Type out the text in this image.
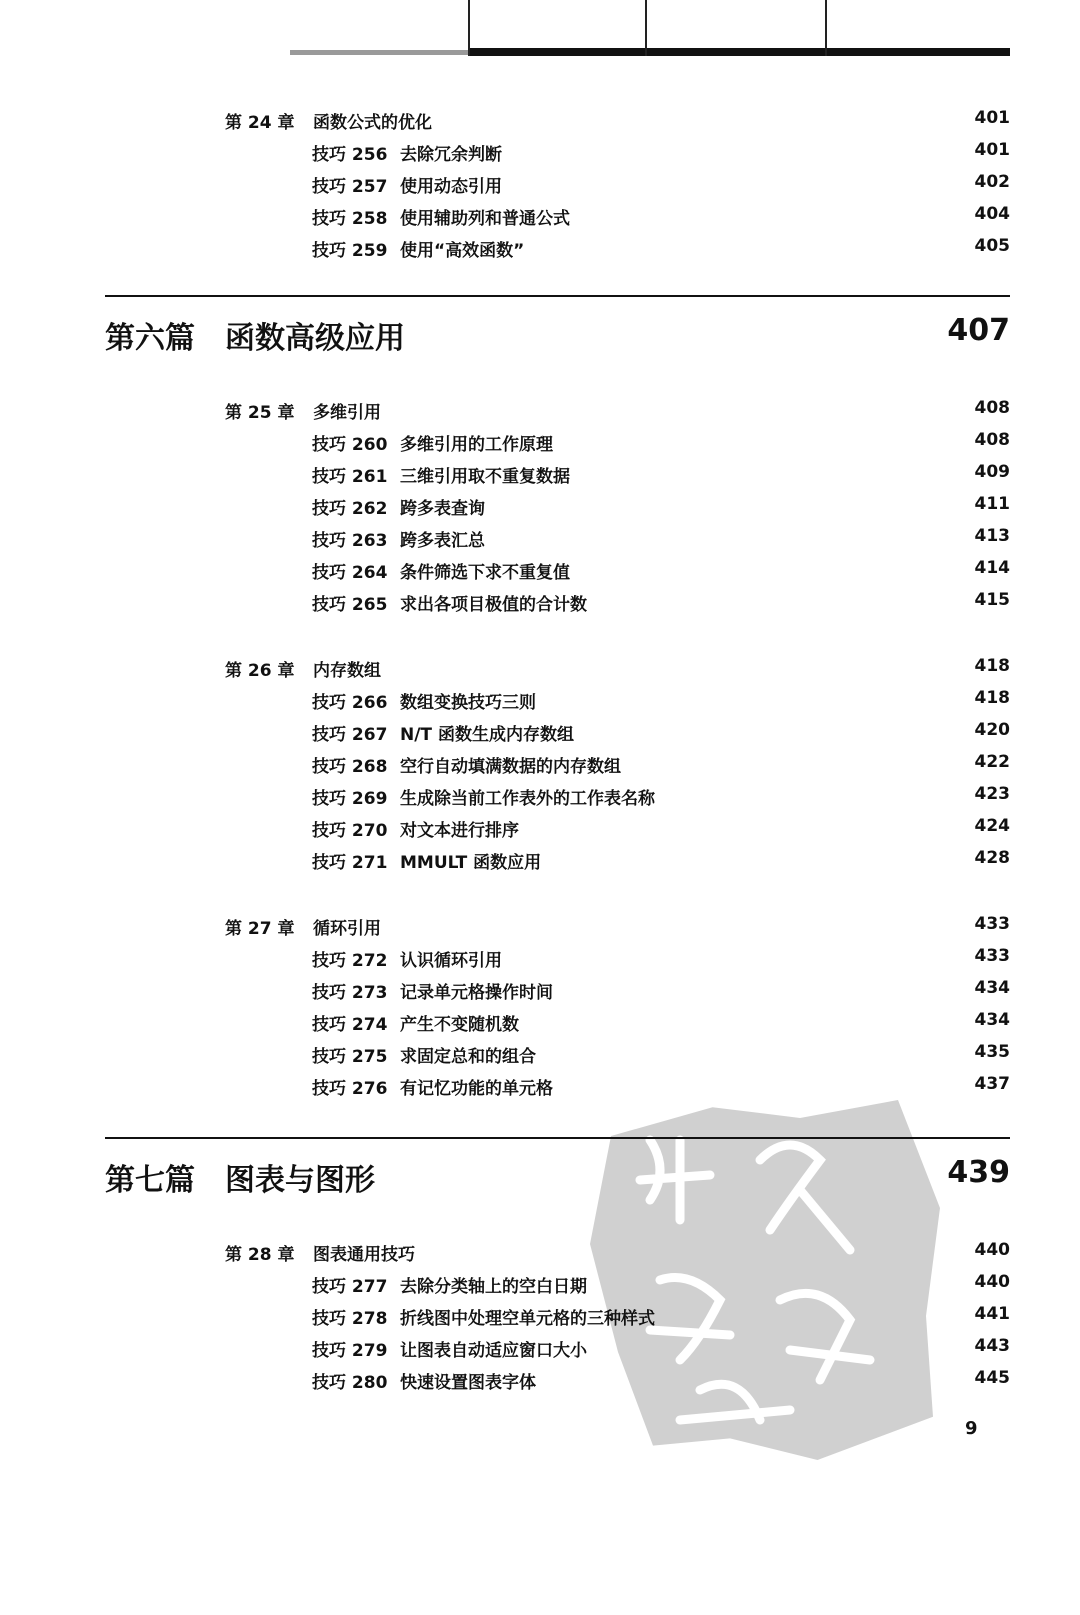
第 24 章 函数公式的优化	401
技巧 256 去除冗余判断	401
技巧 257 使用动态引用	402
技巧 258 使用辅助列和普通公式	404
技巧 259 使用“高效函数”	405
第六篇 函数高级应用	407
第 25 章 多维引用	408
技巧 260 多维引用的工作原理	408
技巧 261 三维引用取不重复数据	409
技巧 262 跨多表查询	411
技巧 263 跨多表汇总	413
技巧 264 条件筛选下求不重复值	414
技巧 265 求出各项目极值的合计数	415
第 26 章 内存数组	418
技巧 266 数组变换技巧三则	418
技巧 267 N/T 函数生成内存数组	420
技巧 268 空行自动填满数据的内存数组	422
技巧 269 生成除当前工作表外的工作表名称	423
技巧 270 对文本进行排序	424
技巧 271 MMULT 函数应用	428
第 27 章 循环引用	433
技巧 272 认识循环引用	433
技巧 273 记录单元格操作时间	434
技巧 274 产生不变随机数	434
技巧 275 求固定总和的组合	435
技巧 276 有记忆功能的单元格	437
第七篇 图表与图形	439
第 28 章 图表通用技巧	440
技巧 277 去除分类轴上的空白日期	440
技巧 278 折线图中处理空单元格的三种样式	441
技巧 279 让图表自动适应窗口大小	443
技巧 280 快速设置图表字体	445
9
